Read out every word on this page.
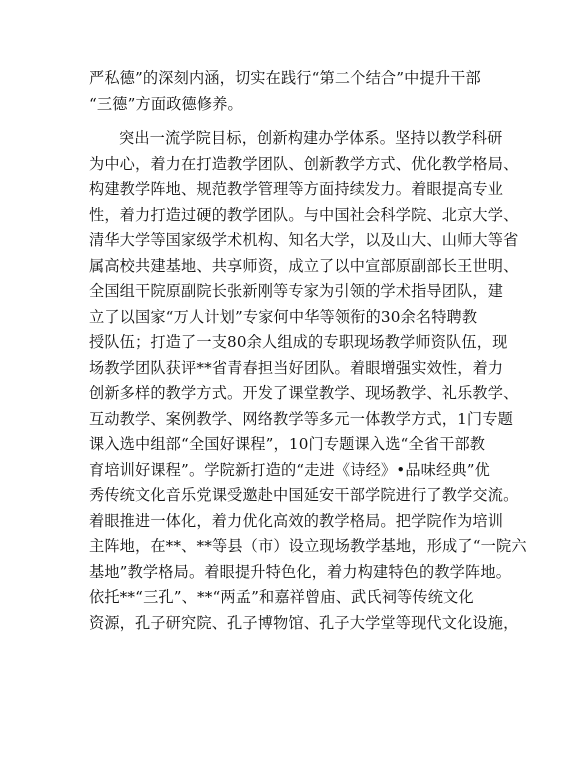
严私德”的深刻内涵，切实在践行“第二个结合”中提升干部
“三德”方面政德修养。
突出一流学院目标，创新构建办学体系。坚持以教学科研
为中心，着力在打造教学团队、创新教学方式、优化教学格局、
构建教学阵地、规范教学管理等方面持续发力。着眼提高专业
性，着力打造过硬的教学团队。与中国社会科学院、北京大学、
清华大学等国家级学术机构、知名大学，以及山大、山师大等省
属高校共建基地、共享师资，成立了以中宣部原副部长王世明、
全国组干院原副院长张新刚等专家为引领的学术指导团队，建
立了以国家“万人计划”专家何中华等领衔的30余名特聘教
授队伍；打造了一支80余人组成的专职现场教学师资队伍，现
场教学团队获评**省青春担当好团队。着眼增强实效性，着力
创新多样的教学方式。开发了课堂教学、现场教学、礼乐教学、
互动教学、案例教学、网络教学等多元一体教学方式，1门专题
课入选中组部“全国好课程”，10门专题课入选“全省干部教
育培训好课程”。学院新打造的“走进《诗经》•品味经典”优
秀传统文化音乐党课受邀赴中国延安干部学院进行了教学交流。
着眼推进一体化，着力优化高效的教学格局。把学院作为培训
主阵地，在**、**等县（市）设立现场教学基地，形成了“一院六
基地”教学格局。着眼提升特色化，着力构建特色的教学阵地。
依托**“三孔”、**“两孟”和嘉祥曾庙、武氏祠等传统文化
资源，孔子研究院、孔子博物馆、孔子大学堂等现代文化设施，
